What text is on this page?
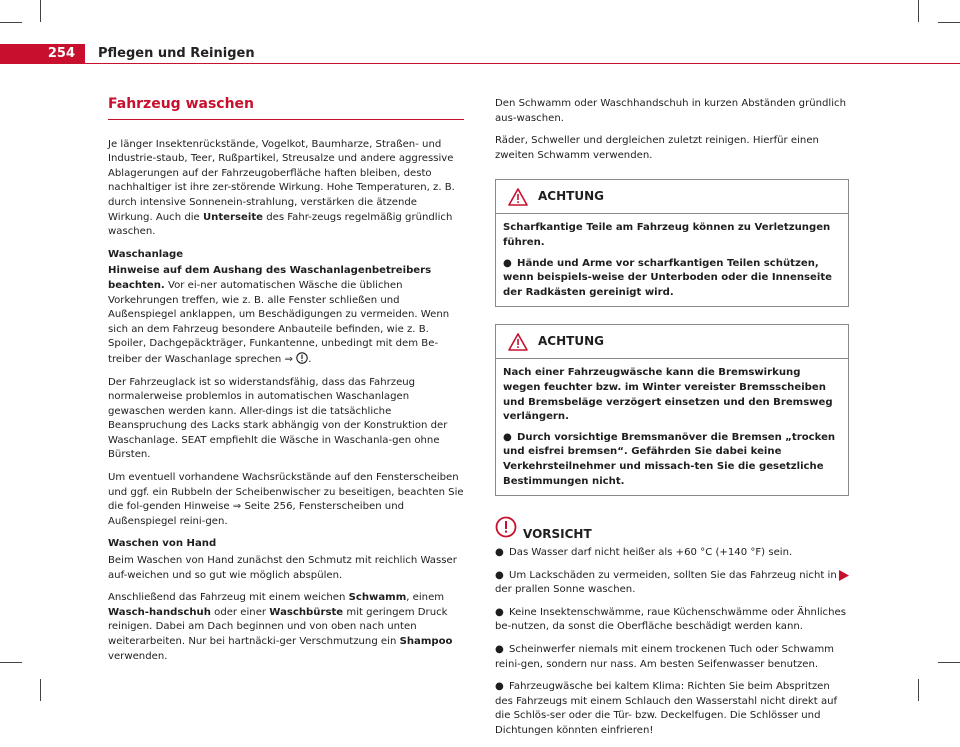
254	Pflegen und Reinigen
Fahrzeug waschen

Je länger Insektenrückstände, Vogelkot, Baumharze, Straßen- und Industrie-staub, Teer, Rußpartikel, Streusalze und andere aggressive Ablagerungen auf der Fahrzeugoberfläche haften bleiben, desto nachhaltiger ist ihre zer-störende Wirkung. Hohe Temperaturen, z. B. durch intensive Sonnenein-strahlung, verstärken die ätzende Wirkung. Auch die Unterseite des Fahr-zeugs regelmäßig gründlich waschen.

Waschanlage

Hinweise auf dem Aushang des Waschanlagenbetreibers beachten. Vor ei-ner automatischen Wäsche die üblichen Vorkehrungen treffen, wie z. B. alle Fenster schließen und Außenspiegel anklappen, um Beschädigungen zu vermeiden. Wenn sich an dem Fahrzeug besondere Anbauteile befinden, wie z. B. Spoiler, Dachgepäckträger, Funkantenne, unbedingt mit dem Be-treiber der Waschanlage sprechen ⇒ .

Der Fahrzeuglack ist so widerstandsfähig, dass das Fahrzeug normalerweise problemlos in automatischen Waschanlagen gewaschen werden kann. Aller-dings ist die tatsächliche Beanspruchung des Lacks stark abhängig von der Konstruktion der Waschanlage. SEAT empfiehlt die Wäsche in Waschanla-gen ohne Bürsten.

Um eventuell vorhandene Wachsrückstände auf den Fensterscheiben und ggf. ein Rubbeln der Scheibenwischer zu beseitigen, beachten Sie die fol-genden Hinweise ⇒ Seite 256, Fensterscheiben und Außenspiegel reini-gen.

Waschen von Hand

Beim Waschen von Hand zunächst den Schmutz mit reichlich Wasser auf-weichen und so gut wie möglich abspülen.

Anschließend das Fahrzeug mit einem weichen Schwamm, einem Wasch-handschuh oder einer Waschbürste mit geringem Druck reinigen. Dabei am Dach beginnen und von oben nach unten weiterarbeiten. Nur bei hartnäcki-ger Verschmutzung ein Shampoo verwenden.

Den Schwamm oder Waschhandschuh in kurzen Abständen gründlich aus-waschen.

Räder, Schweller und dergleichen zuletzt reinigen. Hierfür einen zweiten Schwamm verwenden.

ACHTUNG

Scharfkantige Teile am Fahrzeug können zu Verletzungen führen.

● Hände und Arme vor scharfkantigen Teilen schützen, wenn beispiels-weise der Unterboden oder die Innenseite der Radkästen gereinigt wird.

ACHTUNG

Nach einer Fahrzeugwäsche kann die Bremswirkung wegen feuchter bzw. im Winter vereister Bremsscheiben und Bremsbeläge verzögert einsetzen und den Bremsweg verlängern.

● Durch vorsichtige Bremsmanöver die Bremsen „trocken und eisfrei bremsen“. Gefährden Sie dabei keine Verkehrsteilnehmer und missach-ten Sie die gesetzliche Bestimmungen nicht.

VORSICHT

● Das Wasser darf nicht heißer als +60 °C (+140 °F) sein.

● Um Lackschäden zu vermeiden, sollten Sie das Fahrzeug nicht in der prallen Sonne waschen.

● Keine Insektenschwämme, raue Küchenschwämme oder Ähnliches be-nutzen, da sonst die Oberfläche beschädigt werden kann.

● Scheinwerfer niemals mit einem trockenen Tuch oder Schwamm reini-gen, sondern nur nass. Am besten Seifenwasser benutzen.

● Fahrzeugwäsche bei kaltem Klima: Richten Sie beim Abspritzen des Fahrzeugs mit einem Schlauch den Wasserstahl nicht direkt auf die Schlös-ser oder die Tür- bzw. Deckelfugen. Die Schlösser und Dichtungen könnten einfrieren!
